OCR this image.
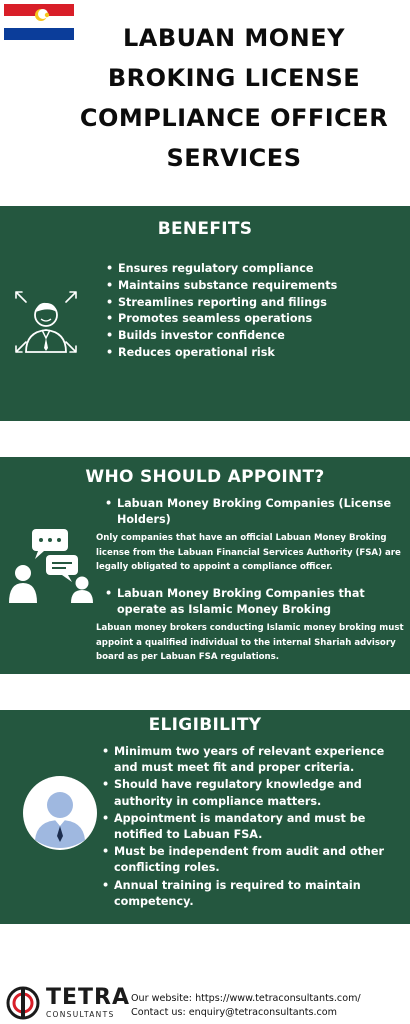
LABUAN MONEY
BROKING LICENSE
COMPLIANCE OFFICER
SERVICES
BENEFITS
• Ensures regulatory compliance
• Maintains substance requirements
• Streamlines reporting and filings
• Promotes seamless operations
• Builds investor confidence
• Reduces operational risk
WHO SHOULD APPOINT?
• Labuan Money Broking Companies (License Holders)
Only companies that have an official Labuan Money Broking license from the Labuan Financial Services Authority (FSA) are legally obligated to appoint a compliance officer.
• Labuan Money Broking Companies that operate as Islamic Money Broking
Labuan money brokers conducting Islamic money broking must appoint a qualified individual to the internal Shariah advisory board as per Labuan FSA regulations.
ELIGIBILITY
• Minimum two years of relevant experience and must meet fit and proper criteria.
• Should have regulatory knowledge and authority in compliance matters.
• Appointment is mandatory and must be notified to Labuan FSA.
• Must be independent from audit and other conflicting roles.
• Annual training is required to maintain competency.
TETRA
CONSULTANTS
Our website: https://www.tetraconsultants.com/
Contact us: enquiry@tetraconsultants.com
